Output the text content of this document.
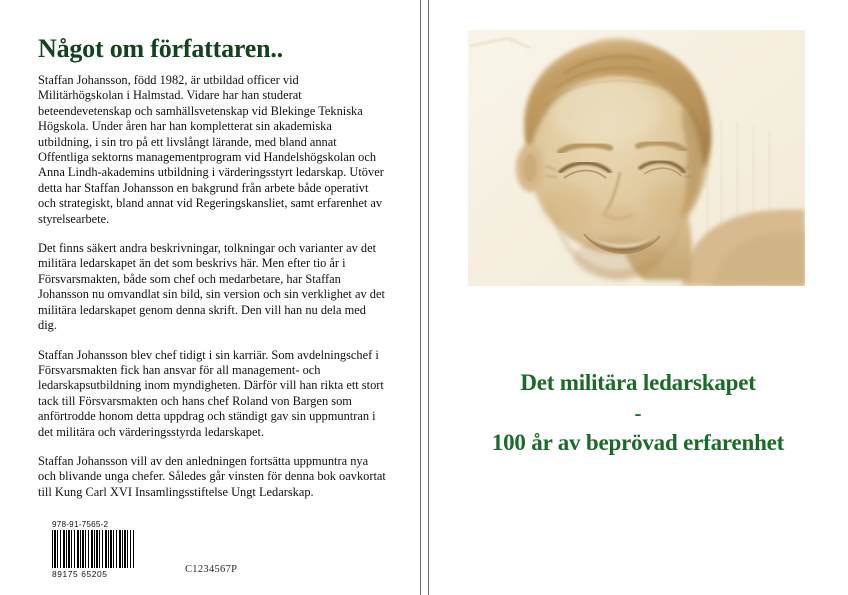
Något om författaren..

Staffan Johansson, född 1982, är utbildad officer vid Militärhögskolan i Halmstad. Vidare har han studerat beteendevetenskap och samhällsvetenskap vid Blekinge Tekniska Högskola. Under åren har han kompletterat sin akademiska utbildning, i sin tro på ett livslångt lärande, med bland annat Offentliga sektorns managementprogram vid Handelshögskolan och Anna Lindh-akademins utbildning i värderingsstyrt ledarskap. Utöver detta har Staffan Johansson en bakgrund från arbete både operativt och strategiskt, bland annat vid Regeringskansliet, samt erfarenhet av styrelsearbete.

Det finns säkert andra beskrivningar, tolkningar och varianter av det militära ledarskapet än det som beskrivs här. Men efter tio år i Försvarsmakten, både som chef och medarbetare, har Staffan Johansson nu omvandlat sin bild, sin version och sin verklighet av det militära ledarskapet genom denna skrift. Den vill han nu dela med dig.

Staffan Johansson blev chef tidigt i sin karriär. Som avdelningschef i Försvarsmakten fick han ansvar för all management- och ledarskapsutbildning inom myndigheten. Därför vill han rikta ett stort tack till Försvarsmakten och hans chef Roland von Bargen som anförtrodde honom detta uppdrag och ständigt gav sin uppmuntran i det militära och värderingsstyrda ledarskapet.

Staffan Johansson vill av den anledningen fortsätta uppmuntra nya och blivande unga chefer. Således går vinsten för denna bok oavkortat till Kung Carl XVI Insamlingsstiftelse Ungt Ledarskap.

978-91-7565-2
89175 65205	C1234567P
Det militära ledarskapet
-
100 år av beprövad erfarenhet
